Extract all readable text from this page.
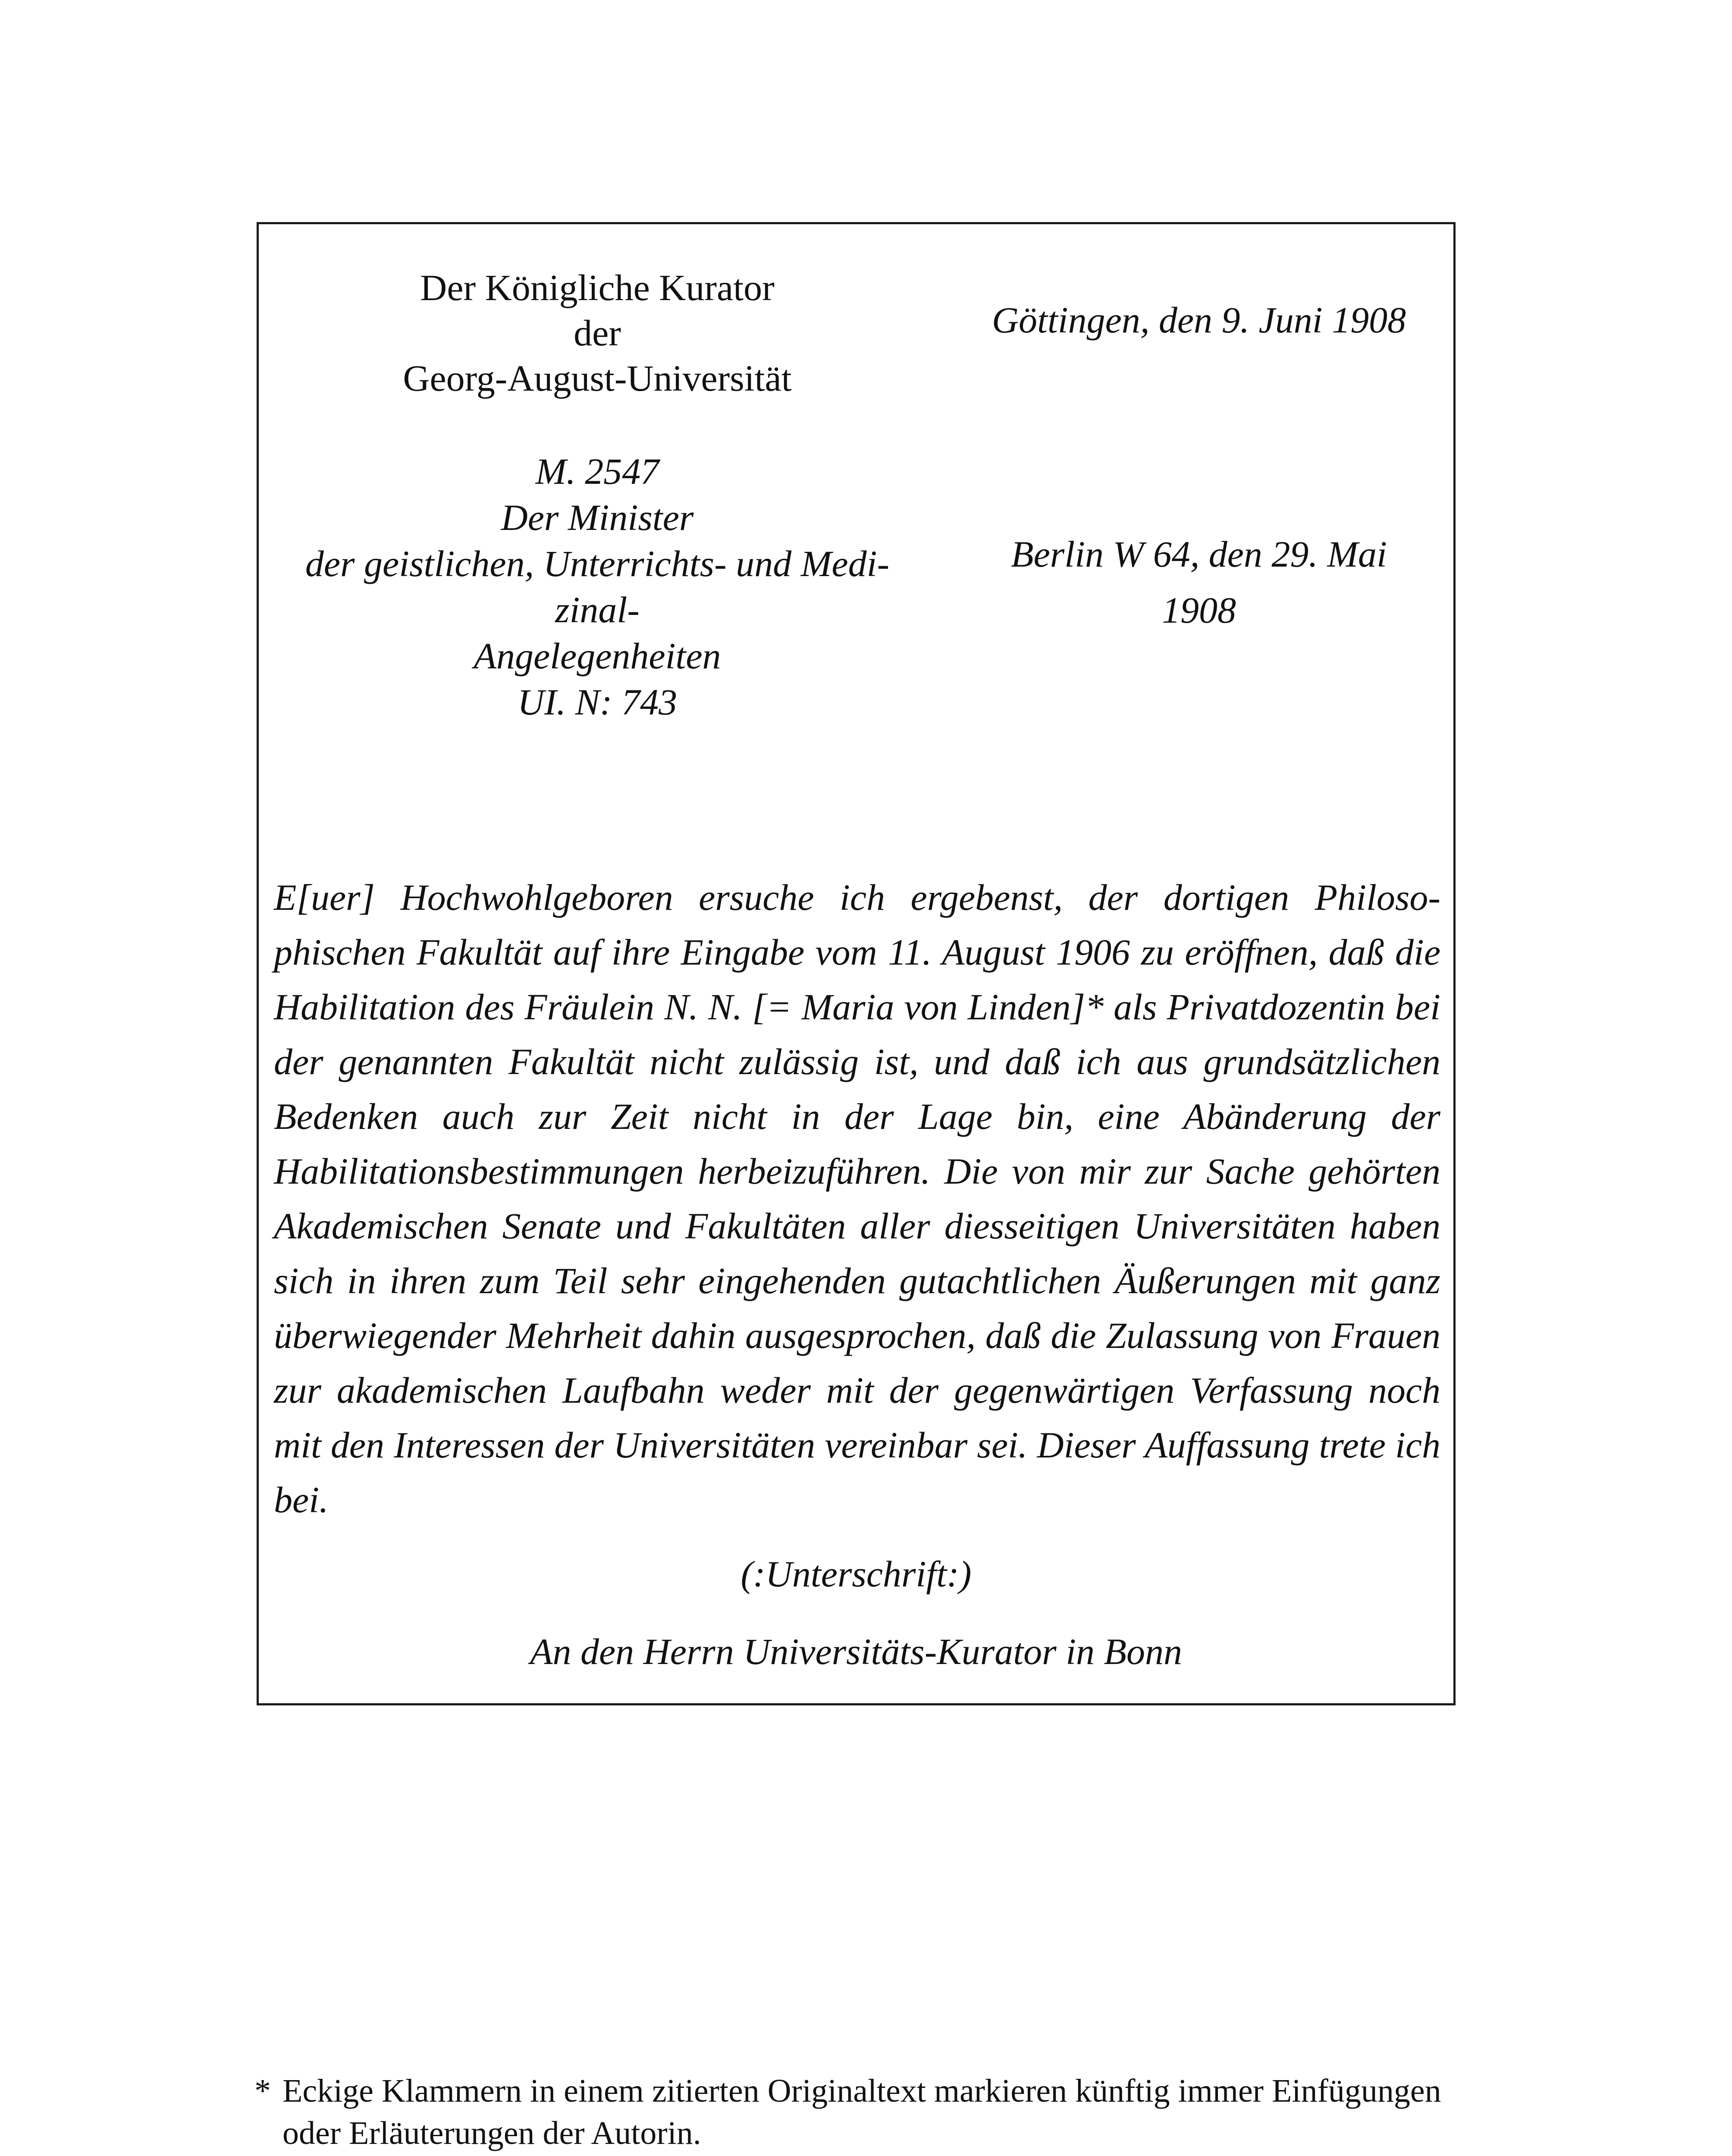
Der Königliche Kurator
der
Georg-August-Universität
Göttingen, den 9. Juni 1908
M. 2547
Der Minister
der geistlichen, Unterrichts- und Medi-
zinal-
Angelegenheiten
UI. N: 743
Berlin W 64, den 29. Mai
1908
E[uer] Hochwohlgeboren ersuche ich ergebenst, der dortigen Philosophischen Fakultät auf ihre Eingabe vom 11. August 1906 zu eröffnen, daß die Habilitation des Fräulein N. N. [= Maria von Linden]* als Privatdozentin bei der genannten Fakultät nicht zulässig ist, und daß ich aus grundsätzlichen Bedenken auch zur Zeit nicht in der Lage bin, eine Abänderung der Habilitationsbestimmungen herbeizuführen. Die von mir zur Sache gehörten Akademischen Senate und Fakultäten aller diesseitigen Universitäten haben sich in ihren zum Teil sehr eingehenden gutachtlichen Äußerungen mit ganz überwiegender Mehrheit dahin ausgesprochen, daß die Zulassung von Frauen zur akademischen Laufbahn weder mit der gegenwärtigen Verfassung noch mit den Interessen der Universitäten vereinbar sei. Dieser Auffassung trete ich bei.
(:Unterschrift:)
An den Herrn Universitäts-Kurator in Bonn
* Eckige Klammern in einem zitierten Originaltext markieren künftig immer Einfügungen oder Erläuterungen der Autorin.
